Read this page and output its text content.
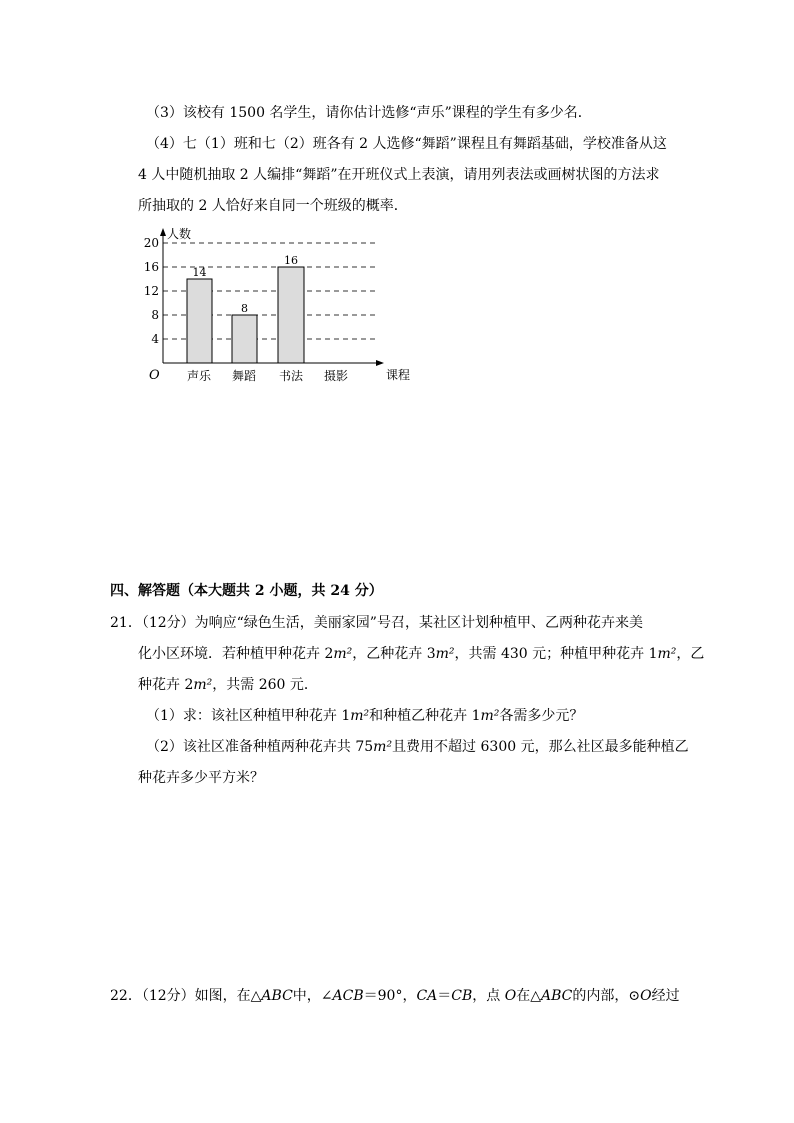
（3）该校有 1500 名学生，请你估计选修“声乐”课程的学生有多少名．
（4）七（1）班和七（2）班各有 2 人选修“舞蹈”课程且有舞蹈基础，学校准备从这
4 人中随机抽取 2 人编排“舞蹈”在开班仪式上表演，请用列表法或画树状图的方法求
所抽取的 2 人恰好来自同一个班级的概率．
4
8
12
16
20
14
8
16
人数
课程
O 声乐 舞蹈 书法 摄影
四、解答题（本大题共 2 小题，共 24 分）
21．（12分）为响应“绿色生活，美丽家园”号召，某社区计划种植甲、乙两种花卉来美
化小区环境．若种植甲种花卉 2m²，乙种花卉 3m²，共需 430 元；种植甲种花卉 1m²，乙
种花卉 2m²，共需 260 元．
（1）求：该社区种植甲种花卉 1m²和种植乙种花卉 1m²各需多少元？
（2）该社区准备种植两种花卉共 75m²且费用不超过 6300 元，那么社区最多能种植乙
种花卉多少平方米？
22．（12分）如图，在△ABC中，∠ACB＝90°，CA＝CB，点 O在△ABC的内部，⊙O经过
